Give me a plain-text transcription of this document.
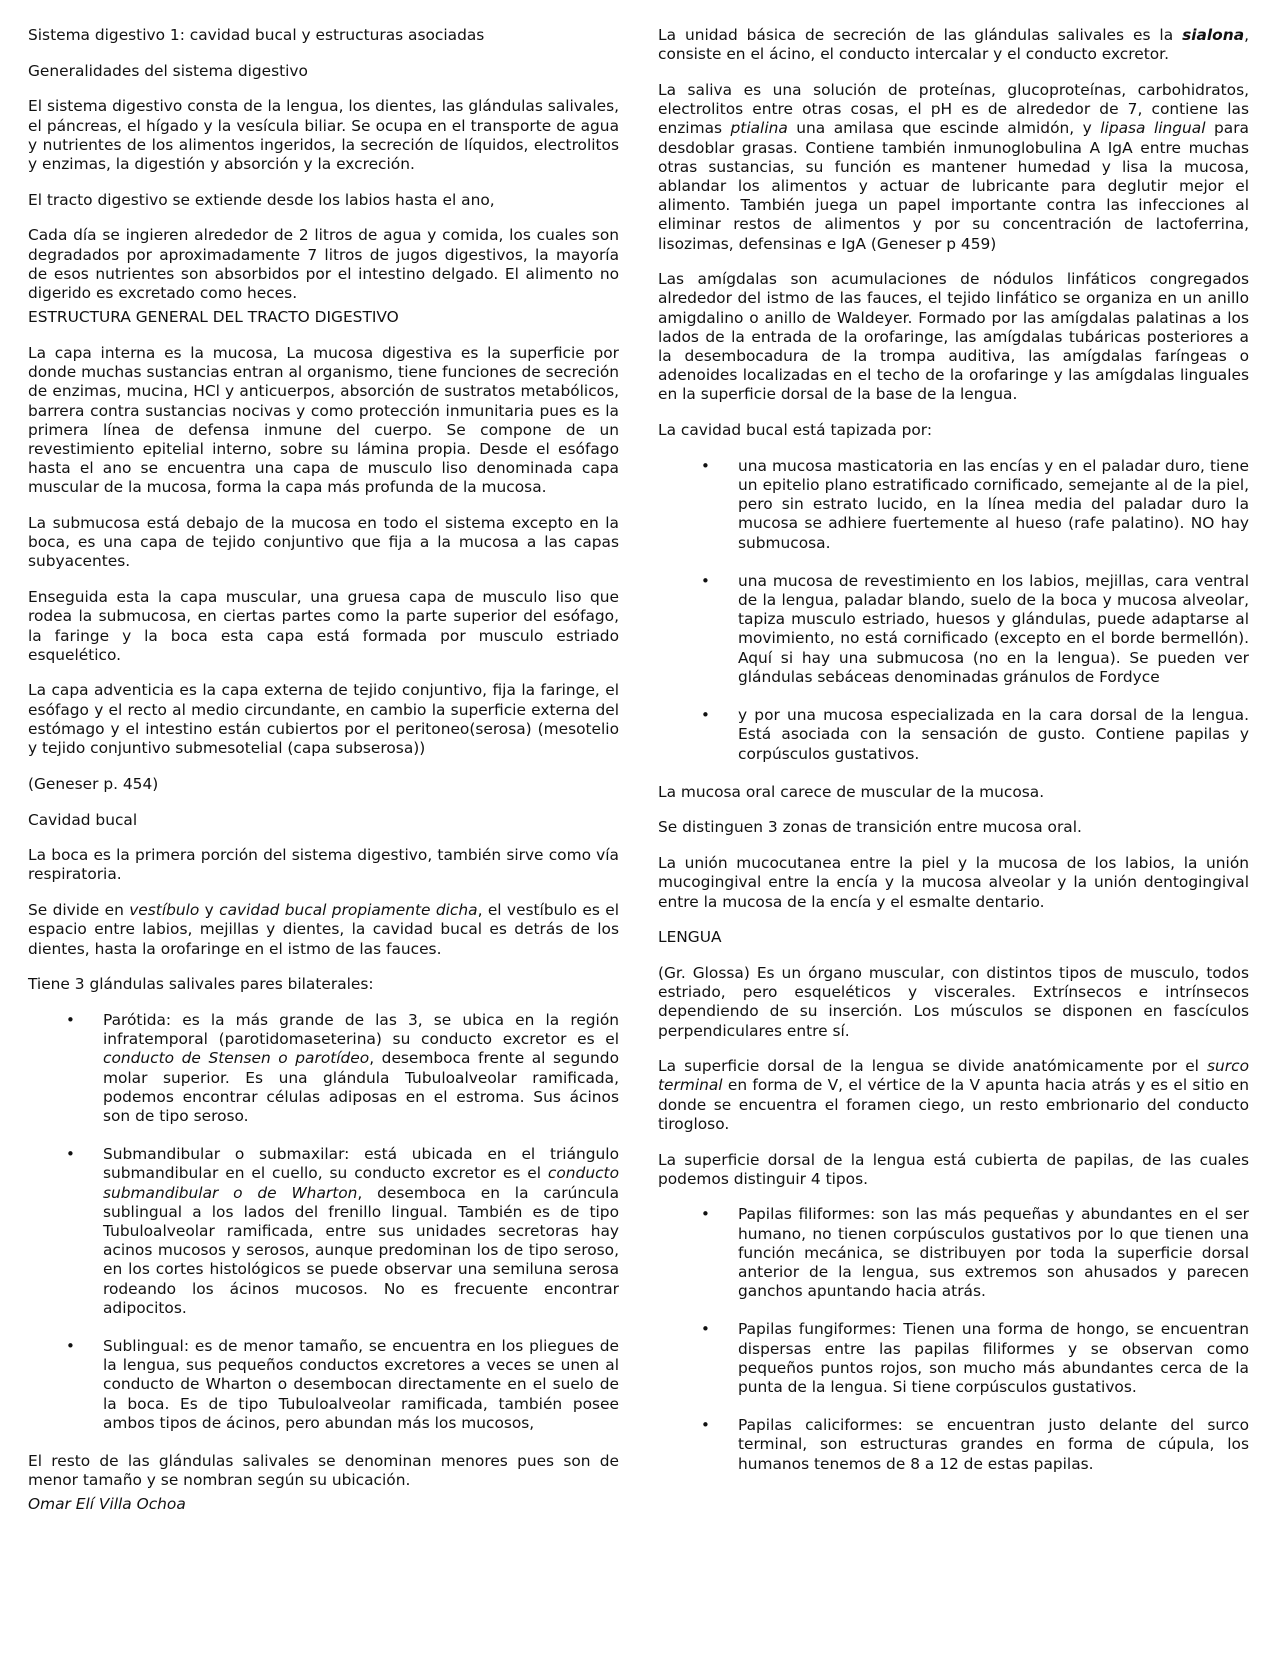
Sistema digestivo 1: cavidad bucal y estructuras asociadas

Generalidades del sistema digestivo

El sistema digestivo consta de la lengua, los dientes, las glándulas salivales, el páncreas, el hígado y la vesícula biliar. Se ocupa en el transporte de agua y nutrientes de los alimentos ingeridos, la secreción de líquidos, electrolitos y enzimas, la digestión y absorción y la excreción.

El tracto digestivo se extiende desde los labios hasta el ano,

Cada día se ingieren alrededor de 2 litros de agua y comida, los cuales son degradados por aproximadamente 7 litros de jugos digestivos, la mayoría de esos nutrientes son absorbidos por el intestino delgado. El alimento no digerido es excretado como heces.

ESTRUCTURA GENERAL DEL TRACTO DIGESTIVO

La capa interna es la mucosa, La mucosa digestiva es la superficie por donde muchas sustancias entran al organismo, tiene funciones de secreción de enzimas, mucina, HCl y anticuerpos, absorción de sustratos metabólicos, barrera contra sustancias nocivas y como protección inmunitaria pues es la primera línea de defensa inmune del cuerpo. Se compone de un revestimiento epitelial interno, sobre su lámina propia. Desde el esófago hasta el ano se encuentra una capa de musculo liso denominada capa muscular de la mucosa, forma la capa más profunda de la mucosa.

La submucosa está debajo de la mucosa en todo el sistema excepto en la boca, es una capa de tejido conjuntivo que fija a la mucosa a las capas subyacentes.

Enseguida esta la capa muscular, una gruesa capa de musculo liso que rodea la submucosa, en ciertas partes como la parte superior del esófago, la faringe y la boca esta capa está formada por musculo estriado esquelético.

La capa adventicia es la capa externa de tejido conjuntivo, fija la faringe, el esófago y el recto al medio circundante, en cambio la superficie externa del estómago y el intestino están cubiertos por el peritoneo(serosa) (mesotelio y tejido conjuntivo submesotelial (capa subserosa))

(Geneser p. 454)

Cavidad bucal

La boca es la primera porción del sistema digestivo, también sirve como vía respiratoria.

Se divide en vestíbulo y cavidad bucal propiamente dicha, el vestíbulo es el espacio entre labios, mejillas y dientes, la cavidad bucal es detrás de los dientes, hasta la orofaringe en el istmo de las fauces.

Tiene 3 glándulas salivales pares bilaterales:

• Parótida: es la más grande de las 3, se ubica en la región infratemporal (parotidomaseterina) su conducto excretor es el conducto de Stensen o parotídeo, desemboca frente al segundo molar superior. Es una glándula Tubuloalveolar ramificada, podemos encontrar células adiposas en el estroma. Sus ácinos son de tipo seroso.
• Submandibular o submaxilar: está ubicada en el triángulo submandibular en el cuello, su conducto excretor es el conducto submandibular o de Wharton, desemboca en la carúncula sublingual a los lados del frenillo lingual. También es de tipo Tubuloalveolar ramificada, entre sus unidades secretoras hay acinos mucosos y serosos, aunque predominan los de tipo seroso, en los cortes histológicos se puede observar una semiluna serosa rodeando los ácinos mucosos. No es frecuente encontrar adipocitos.
• Sublingual: es de menor tamaño, se encuentra en los pliegues de la lengua, sus pequeños conductos excretores a veces se unen al conducto de Wharton o desembocan directamente en el suelo de la boca. Es de tipo Tubuloalveolar ramificada, también posee ambos tipos de ácinos, pero abundan más los mucosos,

El resto de las glándulas salivales se denominan menores pues son de menor tamaño y se nombran según su ubicación.

Omar Elí Villa Ochoa

La unidad básica de secreción de las glándulas salivales es la sialona, consiste en el ácino, el conducto intercalar y el conducto excretor.

La saliva es una solución de proteínas, glucoproteínas, carbohidratos, electrolitos entre otras cosas, el pH es de alrededor de 7, contiene las enzimas ptialina una amilasa que escinde almidón, y lipasa lingual para desdoblar grasas. Contiene también inmunoglobulina A IgA entre muchas otras sustancias, su función es mantener humedad y lisa la mucosa, ablandar los alimentos y actuar de lubricante para deglutir mejor el alimento. También juega un papel importante contra las infecciones al eliminar restos de alimentos y por su concentración de lactoferrina, lisozimas, defensinas e IgA (Geneser p 459)

Las amígdalas son acumulaciones de nódulos linfáticos congregados alrededor del istmo de las fauces, el tejido linfático se organiza en un anillo amigdalino o anillo de Waldeyer. Formado por las amígdalas palatinas a los lados de la entrada de la orofaringe, las amígdalas tubáricas posteriores a la desembocadura de la trompa auditiva, las amígdalas faríngeas o adenoides localizadas en el techo de la orofaringe y las amígdalas linguales en la superficie dorsal de la base de la lengua.

La cavidad bucal está tapizada por:

• una mucosa masticatoria en las encías y en el paladar duro, tiene un epitelio plano estratificado cornificado, semejante al de la piel, pero sin estrato lucido, en la línea media del paladar duro la mucosa se adhiere fuertemente al hueso (rafe palatino). NO hay submucosa.
• una mucosa de revestimiento en los labios, mejillas, cara ventral de la lengua, paladar blando, suelo de la boca y mucosa alveolar, tapiza musculo estriado, huesos y glándulas, puede adaptarse al movimiento, no está cornificado (excepto en el borde bermellón). Aquí si hay una submucosa (no en la lengua). Se pueden ver glándulas sebáceas denominadas gránulos de Fordyce
• y por una mucosa especializada en la cara dorsal de la lengua. Está asociada con la sensación de gusto. Contiene papilas y corpúsculos gustativos.

La mucosa oral carece de muscular de la mucosa.

Se distinguen 3 zonas de transición entre mucosa oral.

La unión mucocutanea entre la piel y la mucosa de los labios, la unión mucogingival entre la encía y la mucosa alveolar y la unión dentogingival entre la mucosa de la encía y el esmalte dentario.

LENGUA

(Gr. Glossa) Es un órgano muscular, con distintos tipos de musculo, todos estriado, pero esqueléticos y viscerales. Extrínsecos e intrínsecos dependiendo de su inserción. Los músculos se disponen en fascículos perpendiculares entre sí.

La superficie dorsal de la lengua se divide anatómicamente por el surco terminal en forma de V, el vértice de la V apunta hacia atrás y es el sitio en donde se encuentra el foramen ciego, un resto embrionario del conducto tirogloso.

La superficie dorsal de la lengua está cubierta de papilas, de las cuales podemos distinguir 4 tipos.

• Papilas filiformes: son las más pequeñas y abundantes en el ser humano, no tienen corpúsculos gustativos por lo que tienen una función mecánica, se distribuyen por toda la superficie dorsal anterior de la lengua, sus extremos son ahusados y parecen ganchos apuntando hacia atrás.
• Papilas fungiformes: Tienen una forma de hongo, se encuentran dispersas entre las papilas filiformes y se observan como pequeños puntos rojos, son mucho más abundantes cerca de la punta de la lengua. Si tiene corpúsculos gustativos.
• Papilas caliciformes: se encuentran justo delante del surco terminal, son estructuras grandes en forma de cúpula, los humanos tenemos de 8 a 12 de estas papilas.
